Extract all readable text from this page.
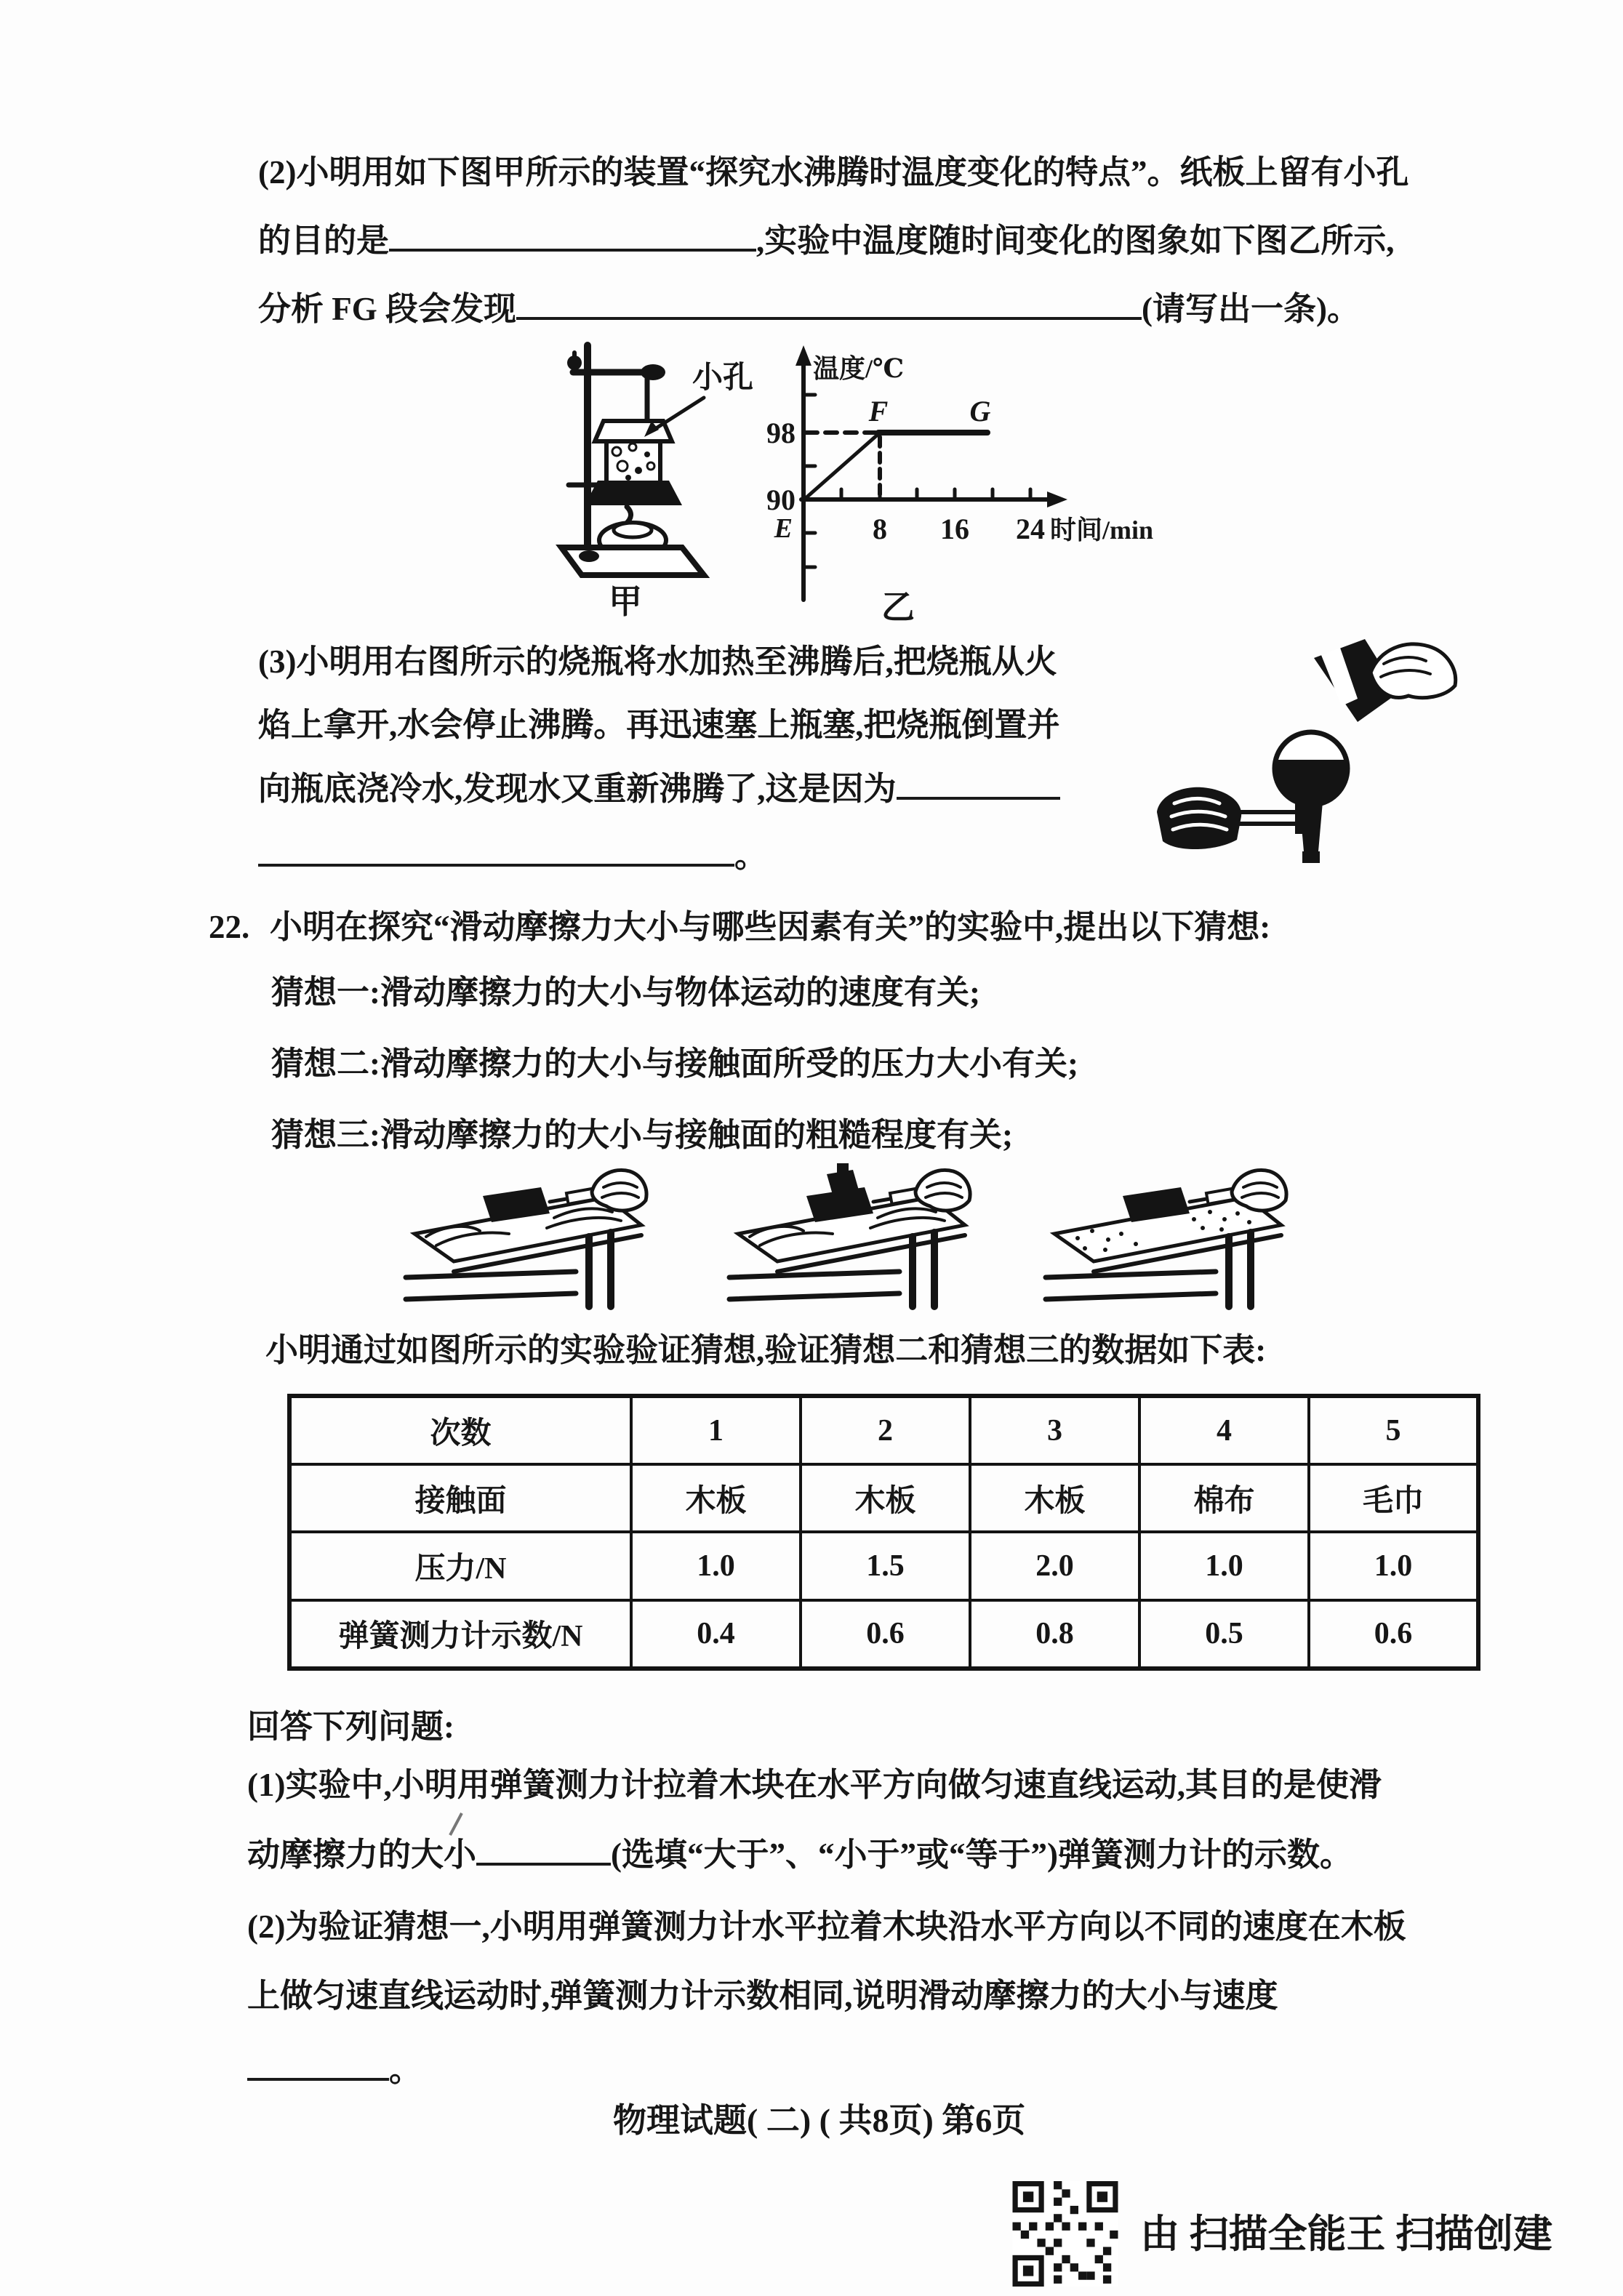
(2)小明用如下图甲所示的装置“探究水沸腾时温度变化的特点”。纸板上留有小孔
的目的是	,实验中温度随时间变化的图象如下图乙所示,
分析 FG 段会发现	(请写出一条)。
小孔
甲
98
90
E
F	G
8 16 24 时间/min
温度/℃
乙
(3)小明用右图所示的烧瓶将水加热至沸腾后,把烧瓶从火
焰上拿开,水会停止沸腾。再迅速塞上瓶塞,把烧瓶倒置并
向瓶底浇冷水,发现水又重新沸腾了,这是因为
。
22. 小明在探究“滑动摩擦力大小与哪些因素有关”的实验中,提出以下猜想:
猜想一:滑动摩擦力的大小与物体运动的速度有关;
猜想二:滑动摩擦力的大小与接触面所受的压力大小有关;
猜想三:滑动摩擦力的大小与接触面的粗糙程度有关;
小明通过如图所示的实验验证猜想,验证猜想二和猜想三的数据如下表:
次数	1	2	3	4	5
接触面	木板	木板	木板	棉布	毛巾
压力/N	1.0	1.5	2.0	1.0	1.0
弹簧测力计示数/N	0.4	0.6	0.8	0.5	0.6
回答下列问题:
(1)实验中,小明用弹簧测力计拉着木块在水平方向做匀速直线运动,其目的是使滑
动摩擦力的大小	(选填“大于”、“小于”或“等于”)弹簧测力计的示数。
(2)为验证猜想一,小明用弹簧测力计水平拉着木块沿水平方向以不同的速度在木板
上做匀速直线运动时,弹簧测力计示数相同,说明滑动摩擦力的大小与速度
。
物理试题( 二) ( 共8页) 第6页
由 扫描全能王 扫描创建
